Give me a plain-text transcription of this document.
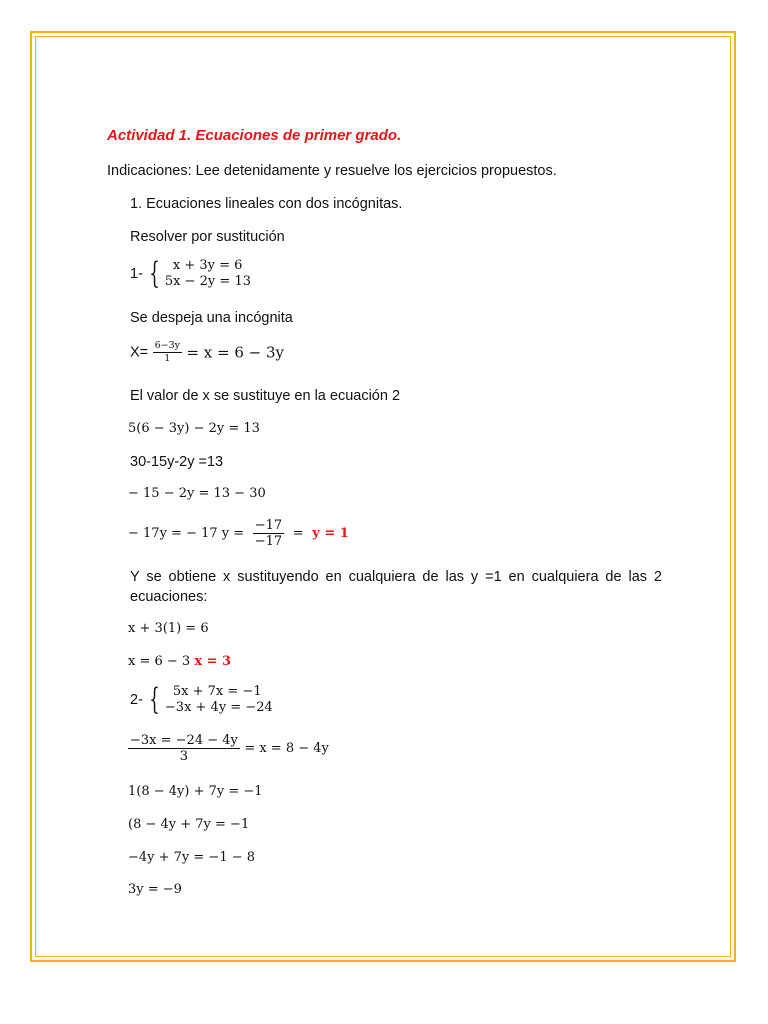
Actividad 1. Ecuaciones de primer grado.
Indicaciones: Lee detenidamente y resuelve los ejercicios propuestos.
1. Ecuaciones lineales con dos incógnitas.
Resolver por sustitución
1- { x + 3y = 6
5x − 2y = 13
Se despeja una incógnita
$X= \frac{6-3y}{1} = x = 6 - 3y$
El valor de x se sustituye en la ecuación 2
5(6 − 3y) − 2y = 13
30-15y-2y =13
− 15 − 2y = 13 − 30
− 17y = − 17 $y = \frac{-17}{-17} = y = 1$
Y se obtiene x sustituyendo en cualquiera de las y =1 en cualquiera de las 2 ecuaciones:
x + 3(1) = 6
x = 6 − 3 x = 3
2- { 5x + 7x = −1
−3x + 4y = −24
$\frac{-3x = -24 - 4y}{3} = x = 8 - 4y$
1(8 − 4y) + 7y = −1
(8 − 4y + 7y = −1
−4y + 7y = −1 − 8
3y = −9
